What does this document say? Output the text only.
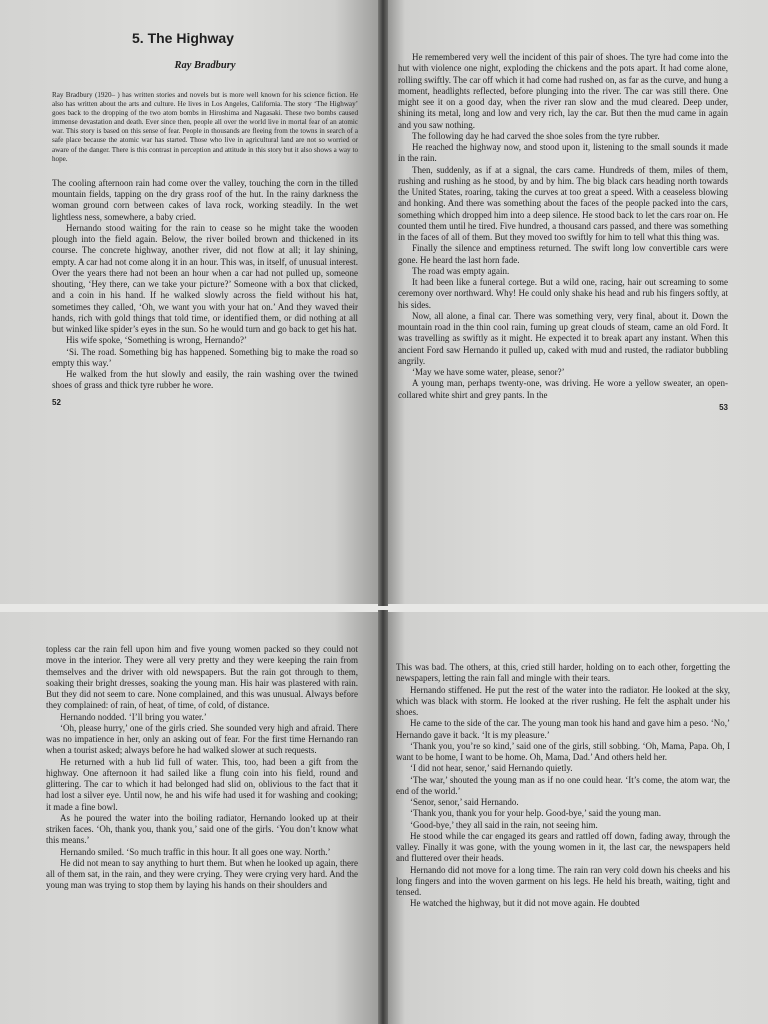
5. The Highway
Ray Bradbury
Ray Bradbury (1920– ) has written stories and novels but is more well known for his science fiction. He also has written about the arts and culture. He lives in Los Angeles, California. The story ‘The Highway’ goes back to the dropping of the two atom bombs in Hiroshima and Nagasaki. These two bombs caused immense devastation and death. Ever since then, people all over the world live in mortal fear of an atomic war. This story is based on this sense of fear. People in thousands are fleeing from the towns in search of a safe place because the atomic war has started. Those who live in agricultural land are not so worried or aware of the danger. There is this contrast in perception and attitude in this story but it also shows a way to hope.

The cooling afternoon rain had come over the valley, touching the corn in the tilled mountain fields, tapping on the dry grass roof of the hut. In the rainy darkness the woman ground corn between cakes of lava rock, working steadily. In the wet lightless ness, somewhere, a baby cried.

Hernando stood waiting for the rain to cease so he might take the wooden plough into the field again. Below, the river boiled brown and thickened in its course. The concrete highway, another river, did not flow at all; it lay shining, empty. A car had not come along it in an hour. This was, in itself, of unusual interest. Over the years there had not been an hour when a car had not pulled up, someone shouting, ‘Hey there, can we take your picture?’ Someone with a box that clicked, and a coin in his hand. If he walked slowly across the field without his hat, sometimes they called, ‘Oh, we want you with your hat on.’ And they waved their hands, rich with gold things that told time, or identified them, or did nothing at all but winked like spider’s eyes in the sun. So he would turn and go back to get his hat.

His wife spoke, ‘Something is wrong, Hernando?’

‘Si. The road. Something big has happened. Something big to make the road so empty this way.’

He walked from the hut slowly and easily, the rain washing over the twined shoes of grass and thick tyre rubber he wore.

52

He remembered very well the incident of this pair of shoes. The tyre had come into the hut with violence one night, exploding the chickens and the pots apart. It had come alone, rolling swiftly. The car off which it had come had rushed on, as far as the curve, and hung a moment, headlights reflected, before plunging into the river. The car was still there. One might see it on a good day, when the river ran slow and the mud cleared. Deep under, shining its metal, long and low and very rich, lay the car. But then the mud came in again and you saw nothing.

The following day he had carved the shoe soles from the tyre rubber.

He reached the highway now, and stood upon it, listening to the small sounds it made in the rain.

Then, suddenly, as if at a signal, the cars came. Hundreds of them, miles of them, rushing and rushing as he stood, by and by him. The big black cars heading north towards the United States, roaring, taking the curves at too great a speed. With a ceaseless blowing and honking. And there was something about the faces of the people packed into the cars, something which dropped him into a deep silence. He stood back to let the cars roar on. He counted them until he tired. Five hundred, a thousand cars passed, and there was something in the faces of all of them. But they moved too swiftly for him to tell what this thing was.

Finally the silence and emptiness returned. The swift long low convertible cars were gone. He heard the last horn fade.

The road was empty again.

It had been like a funeral cortege. But a wild one, racing, hair out screaming to some ceremony over northward. Why! He could only shake his head and rub his fingers softly, at his sides.

Now, all alone, a final car. There was something very, very final, about it. Down the mountain road in the thin cool rain, fuming up great clouds of steam, came an old Ford. It was travelling as swiftly as it might. He expected it to break apart any instant. When this ancient Ford saw Hernando it pulled up, caked with mud and rusted, the radiator bubbling angrily.

‘May we have some water, please, senor?’

A young man, perhaps twenty-one, was driving. He wore a yellow sweater, an open-collared white shirt and grey pants. In the

53

topless car the rain fell upon him and five young women packed so they could not move in the interior. They were all very pretty and they were keeping the rain from themselves and the driver with old newspapers. But the rain got through to them, soaking their bright dresses, soaking the young man. His hair was plastered with rain. But they did not seem to care. None complained, and this was unusual. Always before they complained: of rain, of heat, of time, of cold, of distance.

Hernando nodded. ‘I’ll bring you water.’

‘Oh, please hurry,’ one of the girls cried. She sounded very high and afraid. There was no impatience in her, only an asking out of fear. For the first time Hernando ran when a tourist asked; always before he had walked slower at such requests.

He returned with a hub lid full of water. This, too, had been a gift from the highway. One afternoon it had sailed like a flung coin into his field, round and glittering. The car to which it had belonged had slid on, oblivious to the fact that it had lost a silver eye. Until now, he and his wife had used it for washing and cooking; it made a fine bowl.

As he poured the water into the boiling radiator, Hernando looked up at their striken faces. ‘Oh, thank you, thank you,’ said one of the girls. ‘You don’t know what this means.’

Hernando smiled. ‘So much traffic in this hour. It all goes one way. North.’

He did not mean to say anything to hurt them. But when he looked up again, there all of them sat, in the rain, and they were crying. They were crying very hard. And the young man was trying to stop them by laying his hands on their shoulders and

This was bad. The others, at this, cried still harder, holding on to each other, forgetting the newspapers, letting the rain fall and mingle with their tears.

Hernando stiffened. He put the rest of the water into the radiator. He looked at the sky, which was black with storm. He looked at the river rushing. He felt the asphalt under his shoes.

He came to the side of the car. The young man took his hand and gave him a peso. ‘No,’ Hernando gave it back. ‘It is my pleasure.’

‘Thank you, you’re so kind,’ said one of the girls, still sobbing. ‘Oh, Mama, Papa. Oh, I want to be home, I want to be home. Oh, Mama, Dad.’ And others held her.

‘I did not hear, senor,’ said Hernando quietly.

‘The war,’ shouted the young man as if no one could hear. ‘It’s come, the atom war, the end of the world.’

‘Senor, senor,’ said Hernando.

‘Thank you, thank you for your help. Good-bye,’ said the young man.

‘Good-bye,’ they all said in the rain, not seeing him.

He stood while the car engaged its gears and rattled off down, fading away, through the valley. Finally it was gone, with the young women in it, the last car, the newspapers held and fluttered over their heads.

Hernando did not move for a long time. The rain ran very cold down his cheeks and his long fingers and into the woven garment on his legs. He held his breath, waiting, tight and tensed.

He watched the highway, but it did not move again. He doubted
